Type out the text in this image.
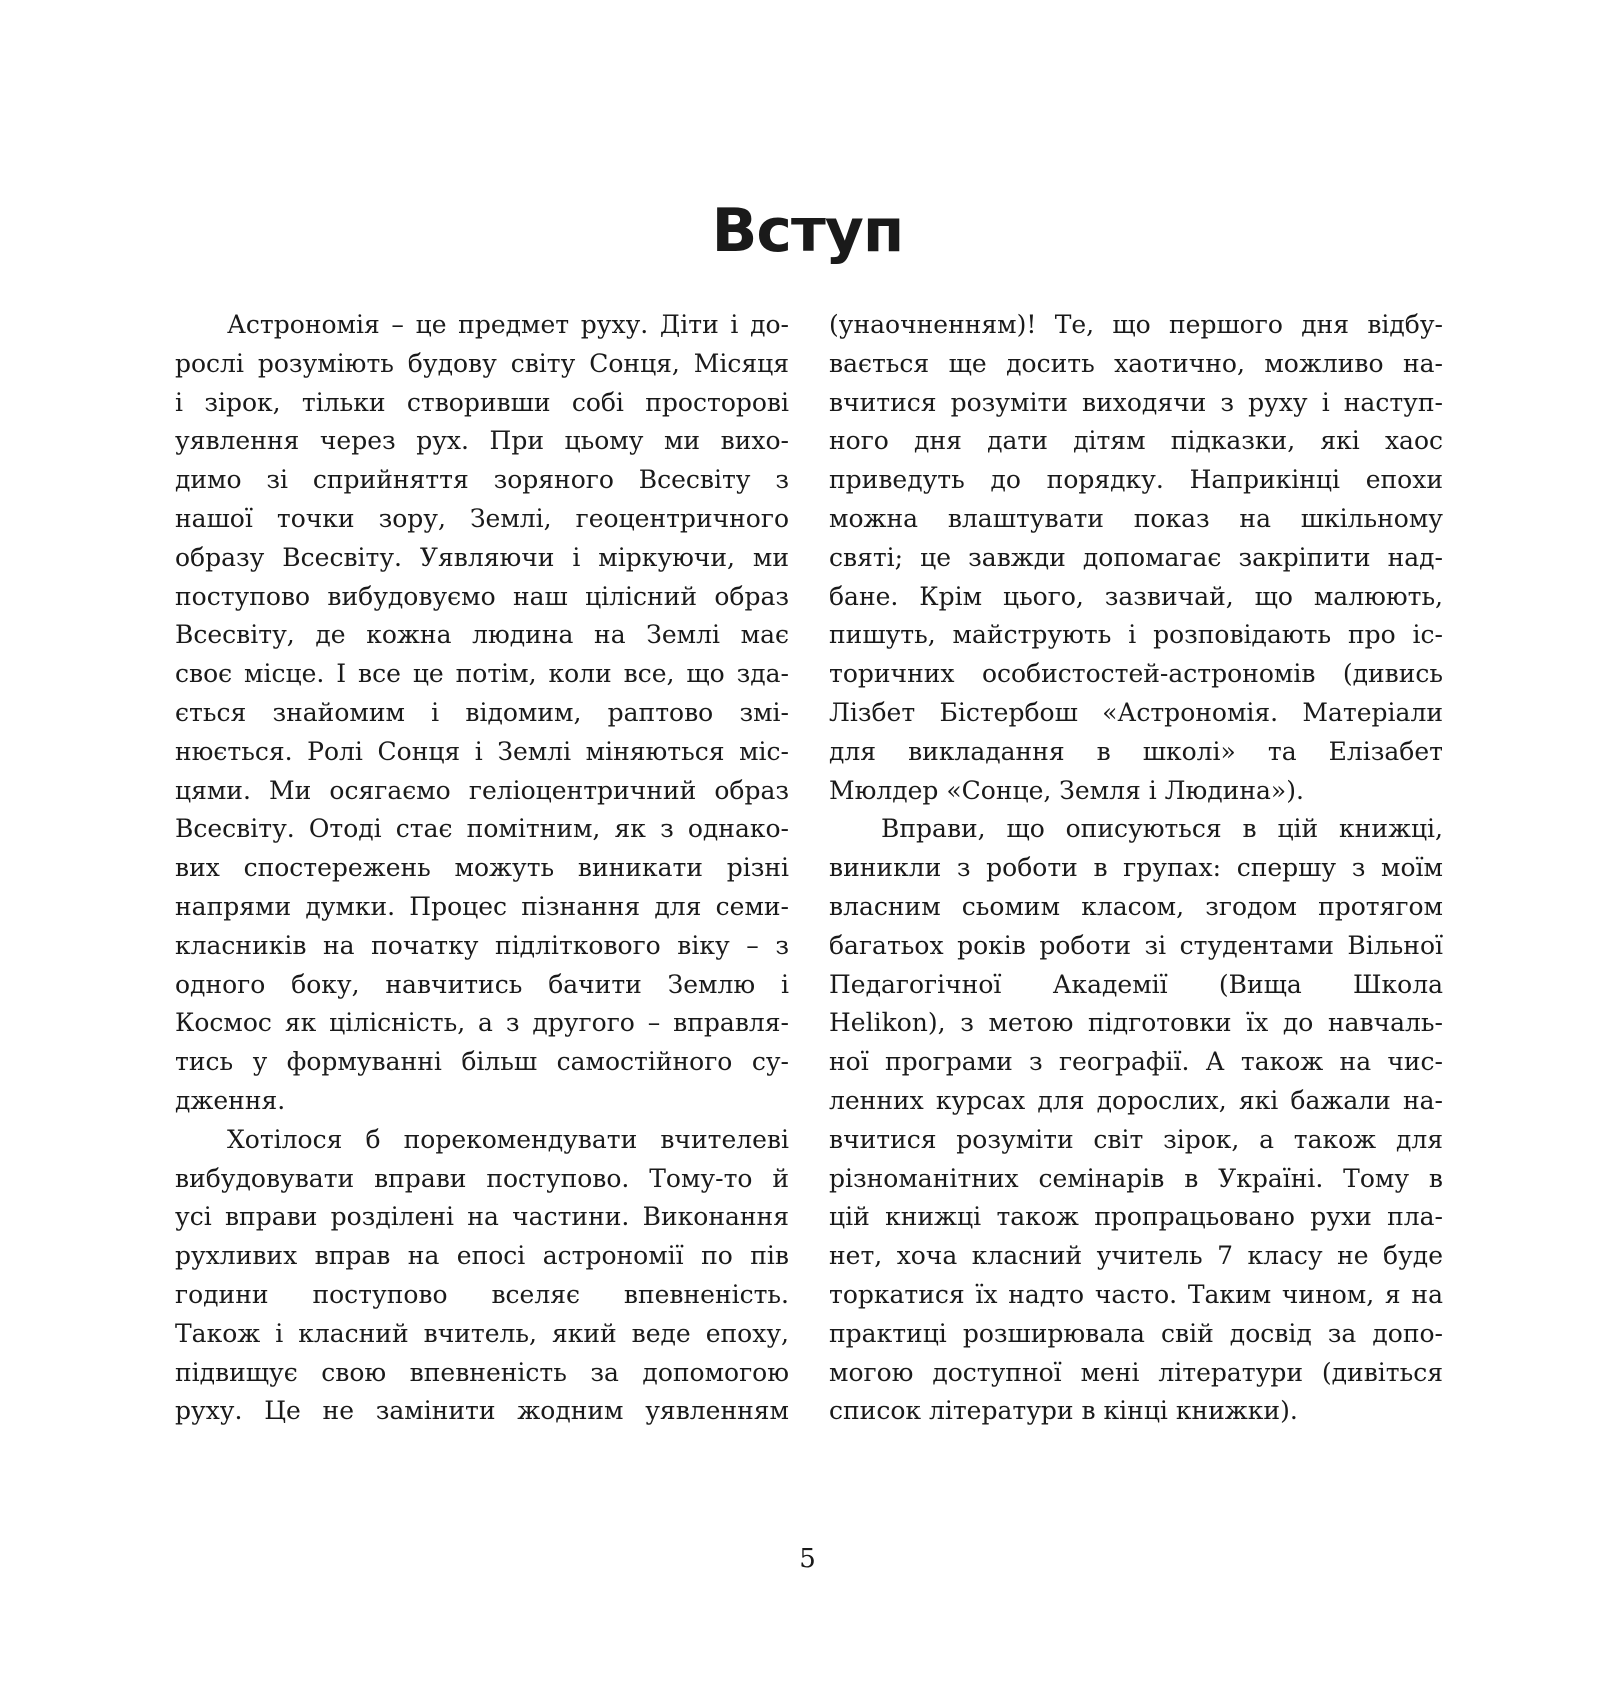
Вступ
Астрономія – це предмет руху. Діти і до-
рослі розуміють будову світу Сонця, Місяця
і зірок, тільки створивши собі просторові
уявлення через рух. При цьому ми вихо-
димо зі сприйняття зоряного Всесвіту з
нашої точки зору, Землі, геоцентричного
образу Всесвіту. Уявляючи і міркуючи, ми
поступово вибудовуємо наш цілісний образ
Всесвіту, де кожна людина на Землі має
своє місце. І все це потім, коли все, що зда-
ється знайомим і відомим, раптово змі-
нюється. Ролі Сонця і Землі міняються міс-
цями. Ми осягаємо геліоцентричний образ
Всесвіту. Отоді стає помітним, як з однако-
вих спостережень можуть виникати різні
напрями думки. Процес пізнання для семи-
класників на початку підліткового віку – з
одного боку, навчитись бачити Землю і
Космос як цілісність, а з другого – вправля-
тись у формуванні більш самостійного су-
дження.
Хотілося б порекомендувати вчителеві
вибудовувати вправи поступово. Тому-то й
усі вправи розділені на частини. Виконання
рухливих вправ на епосі астрономії по пів
години поступово вселяє впевненість.
Також і класний вчитель, який веде епоху,
підвищує свою впевненість за допомогою
руху. Це не замінити жодним уявленням
(унаочненням)! Те, що першого дня відбу-
вається ще досить хаотично, можливо на-
вчитися розуміти виходячи з руху і наступ-
ного дня дати дітям підказки, які хаос
приведуть до порядку. Наприкінці епохи
можна влаштувати показ на шкільному
святі; це завжди допомагає закріпити над-
бане. Крім цього, зазвичай, що малюють,
пишуть, майструють і розповідають про іс-
торичних особистостей-астрономів (дивись
Лізбет Бістербош «Астрономія. Матеріали
для викладання в школі» та Елізабет
Мюлдер «Сонце, Земля і Людина»).
Вправи, що описуються в цій книжці,
виникли з роботи в групах: спершу з моїм
власним сьомим класом, згодом протягом
багатьох років роботи зі студентами Вільної
Педагогічної Академії (Вища Школа
Helikon), з метою підготовки їх до навчаль-
ної програми з географії. А також на чис-
ленних курсах для дорослих, які бажали на-
вчитися розуміти світ зірок, а також для
різноманітних семінарів в Україні. Тому в
цій книжці також пропрацьовано рухи пла-
нет, хоча класний учитель 7 класу не буде
торкатися їх надто часто. Таким чином, я на
практиці розширювала свій досвід за допо-
могою доступної мені літератури (дивіться
список літератури в кінці книжки).
5
